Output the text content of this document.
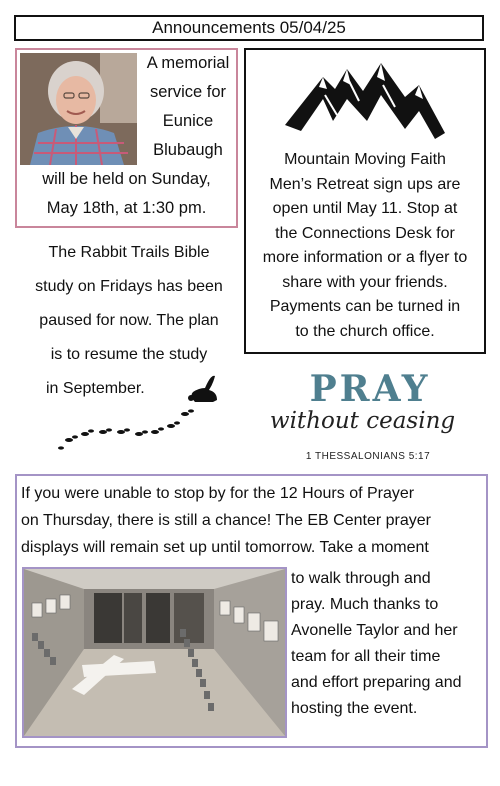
Announcements 05/04/25
A memorial
service for
Eunice
Blubaugh
will be held on Sunday,
May 18th, at 1:30 pm.
Mountain Moving Faith
Men’s Retreat sign ups are
open until May 11. Stop at
the Connections Desk for
more information or a flyer to
share with your friends.
Payments can be turned in
to the church office.
The Rabbit Trails Bible
study on Fridays has been
paused for now. The plan
is to resume the study
in September.	PRAY
without ceasing
1 THESSALONIANS 5:17
If you were unable to stop by for the 12 Hours of Prayer
on Thursday, there is still a chance! The EB Center prayer
displays will remain set up until tomorrow. Take a moment
to walk through and
pray. Much thanks to
Avonelle Taylor and her
team for all their time
and effort preparing and
hosting the event.
